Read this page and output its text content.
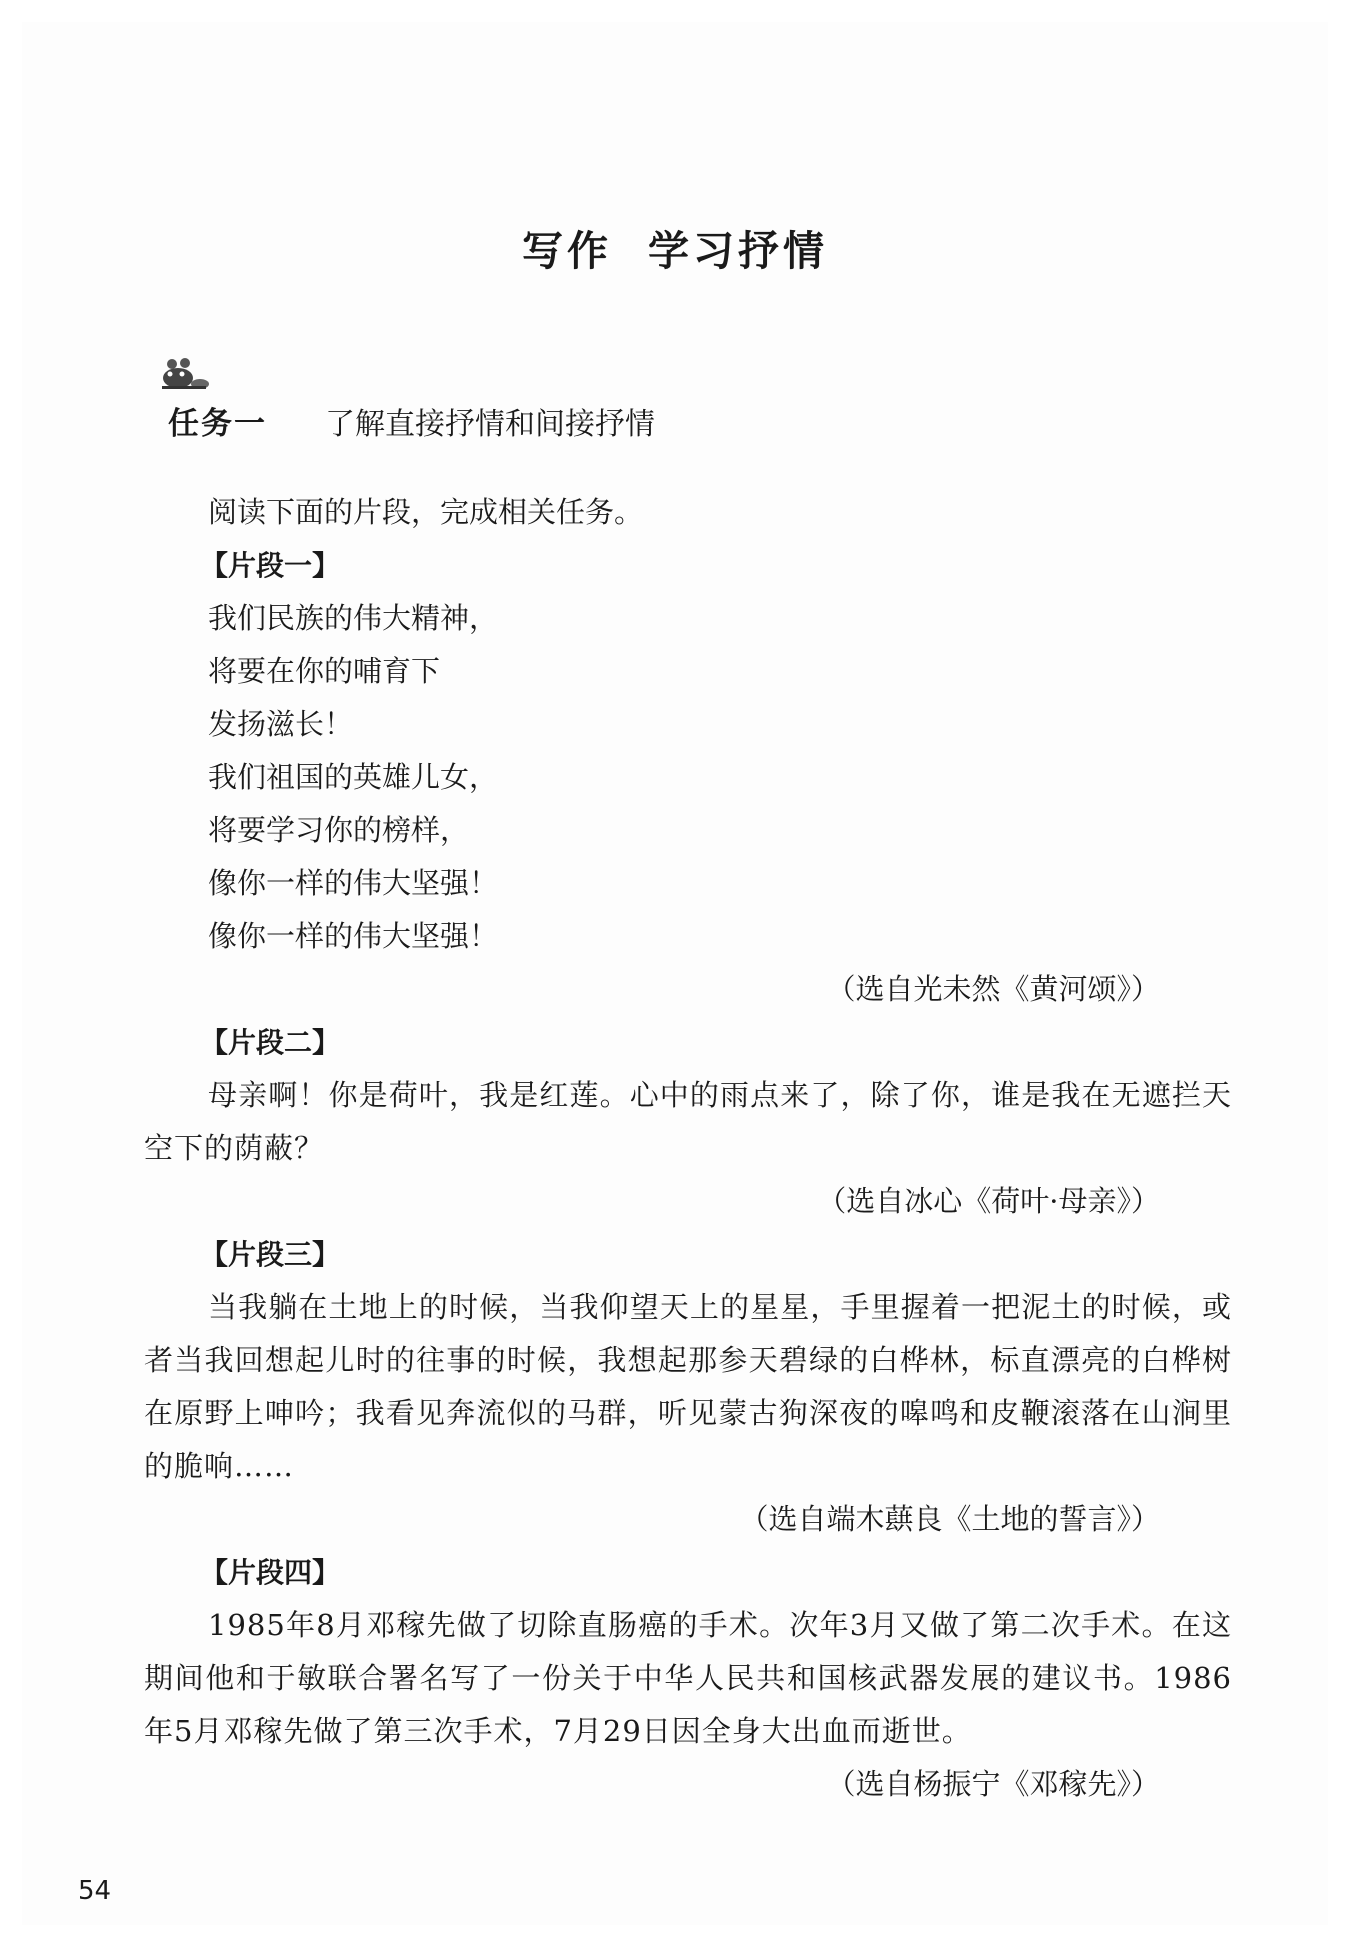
写作 学习抒情
任务一 了解直接抒情和间接抒情
阅读下面的片段，完成相关任务。
【片段一】
我们民族的伟大精神，
将要在你的哺育下
发扬滋长！
我们祖国的英雄儿女，
将要学习你的榜样，
像你一样的伟大坚强！
像你一样的伟大坚强！
（选自光未然《黄河颂》）
【片段二】
母亲啊！你是荷叶，我是红莲。心中的雨点来了，除了你，谁是我在无遮拦天空下的荫蔽？
（选自冰心《荷叶·母亲》）
【片段三】
当我躺在土地上的时候，当我仰望天上的星星，手里握着一把泥土的时候，或者当我回想起儿时的往事的时候，我想起那参天碧绿的白桦林，标直漂亮的白桦树在原野上呻吟；我看见奔流似的马群，听见蒙古狗深夜的嗥鸣和皮鞭滚落在山涧里的脆响……
（选自端木蕻良《土地的誓言》）
【片段四】
1985年8月邓稼先做了切除直肠癌的手术。次年3月又做了第二次手术。在这期间他和于敏联合署名写了一份关于中华人民共和国核武器发展的建议书。1986年5月邓稼先做了第三次手术，7月29日因全身大出血而逝世。
（选自杨振宁《邓稼先》）
54
